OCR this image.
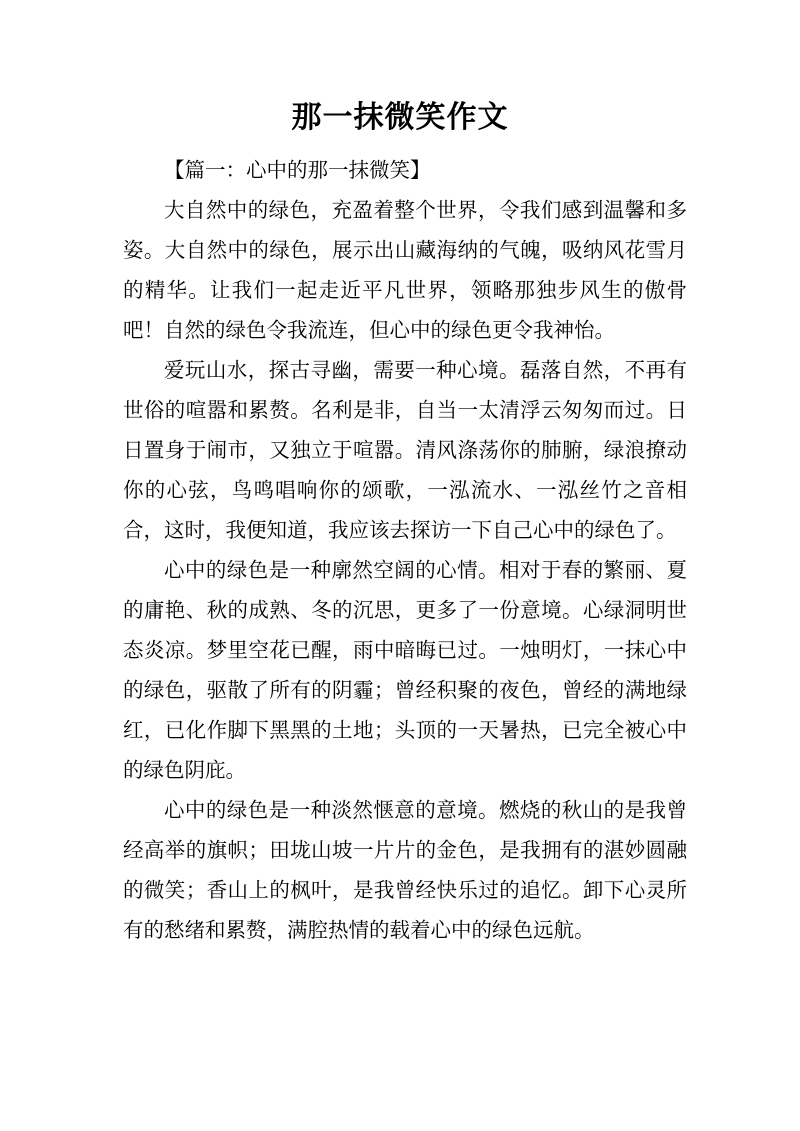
那一抹微笑作文

【篇一：心中的那一抹微笑】

大自然中的绿色，充盈着整个世界，令我们感到温馨和多姿。大自然中的绿色，展示出山藏海纳的气魄，吸纳风花雪月的精华。让我们一起走近平凡世界，领略那独步风生的傲骨吧！自然的绿色令我流连，但心中的绿色更令我神怡。

爱玩山水，探古寻幽，需要一种心境。磊落自然，不再有世俗的喧嚣和累赘。名利是非，自当一太清浮云匆匆而过。日日置身于闹市，又独立于喧嚣。清风涤荡你的肺腑，绿浪撩动你的心弦，鸟鸣唱响你的颂歌，一泓流水、一泓丝竹之音相合，这时，我便知道，我应该去探访一下自己心中的绿色了。

心中的绿色是一种廓然空阔的心情。相对于春的繁丽、夏的庸艳、秋的成熟、冬的沉思，更多了一份意境。心绿洞明世态炎凉。梦里空花已醒，雨中暗晦已过。一烛明灯，一抹心中的绿色，驱散了所有的阴霾；曾经积聚的夜色，曾经的满地绿红，已化作脚下黑黑的土地；头顶的一天暑热，已完全被心中的绿色阴庇。

心中的绿色是一种淡然惬意的意境。燃烧的秋山的是我曾经高举的旗帜；田垅山坡一片片的金色，是我拥有的湛妙圆融的微笑；香山上的枫叶，是我曾经快乐过的追忆。卸下心灵所有的愁绪和累赘，满腔热情的载着心中的绿色远航。
